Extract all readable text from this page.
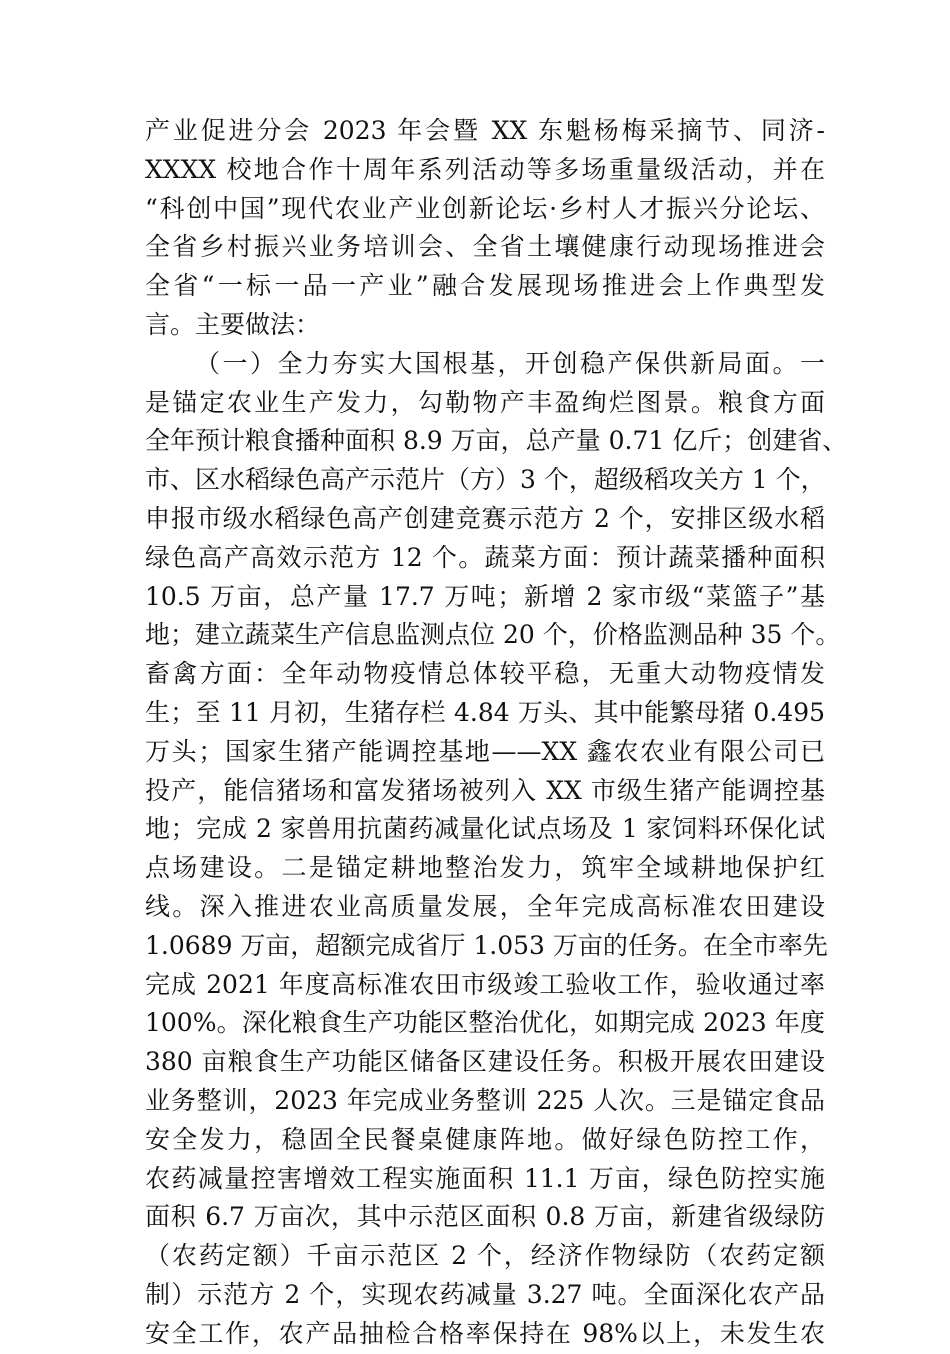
产业促进分会 2023 年会暨 XX 东魁杨梅采摘节、同济-
XXXX 校地合作十周年系列活动等多场重量级活动，并在
“科创中国”现代农业产业创新论坛·乡村人才振兴分论坛、
全省乡村振兴业务培训会、全省土壤健康行动现场推进会
全省“一标一品一产业”融合发展现场推进会上作典型发
言。主要做法：
（一）全力夯实大国根基，开创稳产保供新局面。一
是锚定农业生产发力，勾勒物产丰盈绚烂图景。粮食方面
全年预计粮食播种面积 8.9 万亩，总产量 0.71 亿斤；创建省、
市、区水稻绿色高产示范片（方）3 个，超级稻攻关方 1 个，
申报市级水稻绿色高产创建竞赛示范方 2 个，安排区级水稻
绿色高产高效示范方 12 个。蔬菜方面：预计蔬菜播种面积
10.5 万亩，总产量 17.7 万吨；新增 2 家市级“菜篮子”基
地；建立蔬菜生产信息监测点位 20 个，价格监测品种 35 个。
畜禽方面：全年动物疫情总体较平稳，无重大动物疫情发
生；至 11 月初，生猪存栏 4.84 万头、其中能繁母猪 0.495
万头；国家生猪产能调控基地——XX 鑫农农业有限公司已
投产，能信猪场和富发猪场被列入 XX 市级生猪产能调控基
地；完成 2 家兽用抗菌药减量化试点场及 1 家饲料环保化试
点场建设。二是锚定耕地整治发力，筑牢全域耕地保护红
线。深入推进农业高质量发展，全年完成高标准农田建设
1.0689 万亩，超额完成省厅 1.053 万亩的任务。在全市率先
完成 2021 年度高标准农田市级竣工验收工作，验收通过率
100%。深化粮食生产功能区整治优化，如期完成 2023 年度
380 亩粮食生产功能区储备区建设任务。积极开展农田建设
业务整训，2023 年完成业务整训 225 人次。三是锚定食品
安全发力，稳固全民餐桌健康阵地。做好绿色防控工作，
农药减量控害增效工程实施面积 11.1 万亩，绿色防控实施
面积 6.7 万亩次，其中示范区面积 0.8 万亩，新建省级绿防
（农药定额）千亩示范区 2 个，经济作物绿防（农药定额
制）示范方 2 个，实现农药减量 3.27 吨。全面深化农产品
安全工作，农产品抽检合格率保持在 98%以上，未发生农
